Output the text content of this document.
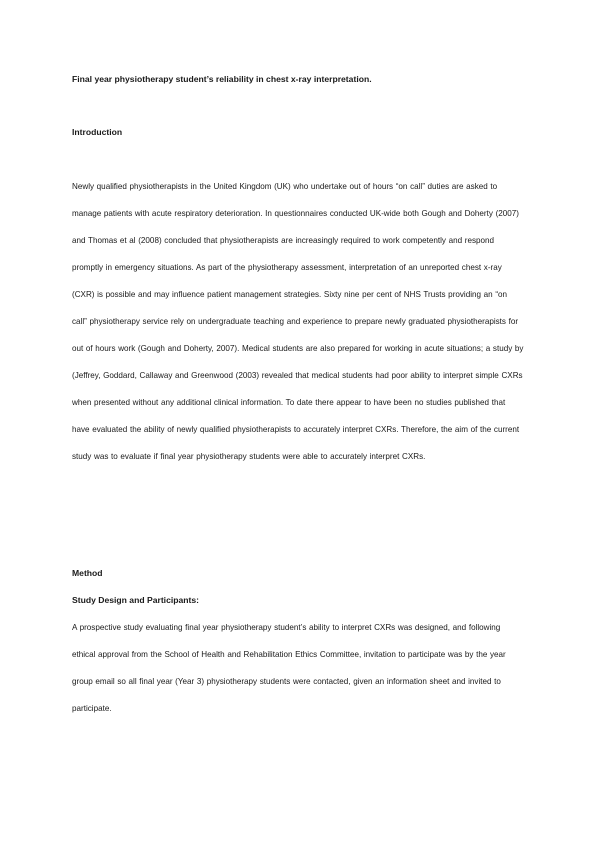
Final year physiotherapy student’s reliability in chest x-ray interpretation.
Introduction
Newly qualified physiotherapists in the United Kingdom (UK) who undertake out of hours “on call” duties are asked to manage patients with acute respiratory deterioration. In questionnaires conducted UK-wide both Gough and Doherty (2007) and Thomas et al (2008) concluded that physiotherapists are increasingly required to work competently and respond promptly in emergency situations. As part of the physiotherapy assessment, interpretation of an unreported chest x-ray (CXR) is possible and may influence patient management strategies. Sixty nine per cent of NHS Trusts providing an “on call” physiotherapy service rely on undergraduate teaching and experience to prepare newly graduated physiotherapists for out of hours work (Gough and Doherty, 2007). Medical students are also prepared for working in acute situations; a study by (Jeffrey, Goddard, Callaway and Greenwood (2003) revealed that medical students had poor ability to interpret simple CXRs when presented without any additional clinical information. To date there appear to have been no studies published that have evaluated the ability of newly qualified physiotherapists to accurately interpret CXRs. Therefore, the aim of the current study was to evaluate if final year physiotherapy students were able to accurately interpret CXRs.
Method
Study Design and Participants:
A prospective study evaluating final year physiotherapy student’s ability to interpret CXRs was designed, and following ethical approval from the School of Health and Rehabilitation Ethics Committee, invitation to participate was by the year group email so all final year (Year 3) physiotherapy students were contacted, given an information sheet and invited to participate.
